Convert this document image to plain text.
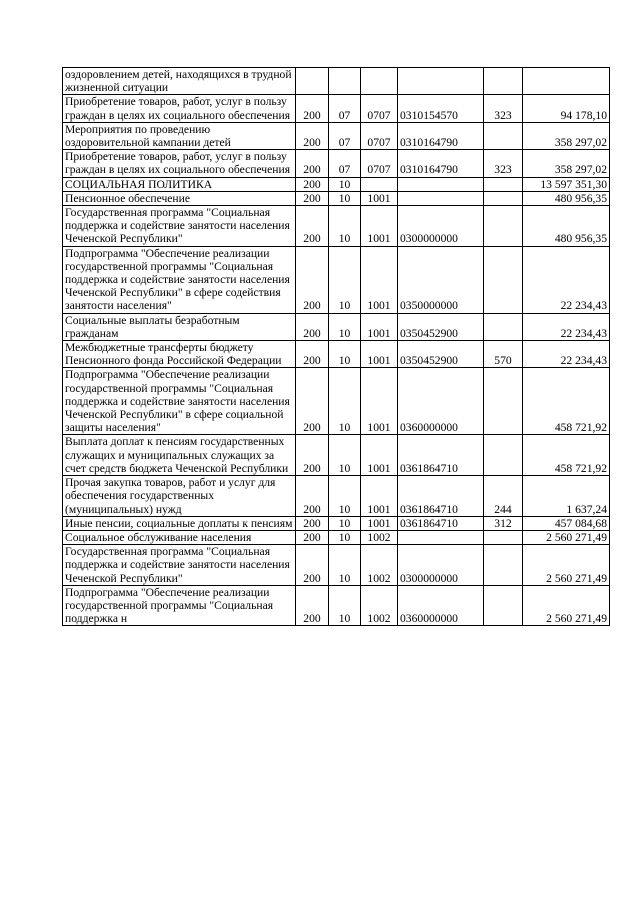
оздоровлением детей, находящихся в трудной жизненной ситуации						
Приобретение товаров, работ, услуг в пользу граждан в целях их социального обеспечения	200	07	0707	0310154570	323	94 178,10
Мероприятия по проведению оздоровительной кампании детей	200	07	0707	0310164790		358 297,02
Приобретение товаров, работ, услуг в пользу граждан в целях их социального обеспечения	200	07	0707	0310164790	323	358 297,02
СОЦИАЛЬНАЯ ПОЛИТИКА	200	10				13 597 351,30
Пенсионное обеспечение	200	10	1001			480 956,35
Государственная программа "Социальная поддержка и содействие занятости населения Чеченской Республики"	200	10	1001	0300000000		480 956,35
Подпрограмма "Обеспечение реализации государственной программы "Социальная поддержка и содействие занятости населения Чеченской Республики" в сфере содействия занятости населения"	200	10	1001	0350000000		22 234,43
Социальные выплаты безработным гражданам	200	10	1001	0350452900		22 234,43
Межбюджетные трансферты бюджету Пенсионного фонда Российской Федерации	200	10	1001	0350452900	570	22 234,43
Подпрограмма "Обеспечение реализации государственной программы "Социальная поддержка и содействие занятости населения Чеченской Республики" в сфере социальной защиты населения"	200	10	1001	0360000000		458 721,92
Выплата доплат к пенсиям государственных служащих и муниципальных служащих за счет средств бюджета Чеченской Республики	200	10	1001	0361864710		458 721,92
Прочая закупка товаров, работ и услуг для обеспечения государственных (муниципальных) нужд	200	10	1001	0361864710	244	1 637,24
Иные пенсии, социальные доплаты к пенсиям	200	10	1001	0361864710	312	457 084,68
Социальное обслуживание населения	200	10	1002			2 560 271,49
Государственная программа "Социальная поддержка и содействие занятости населения Чеченской Республики"	200	10	1002	0300000000		2 560 271,49
Подпрограмма "Обеспечение реализации государственной программы "Социальная поддержка н	200	10	1002	0360000000		2 560 271,49
